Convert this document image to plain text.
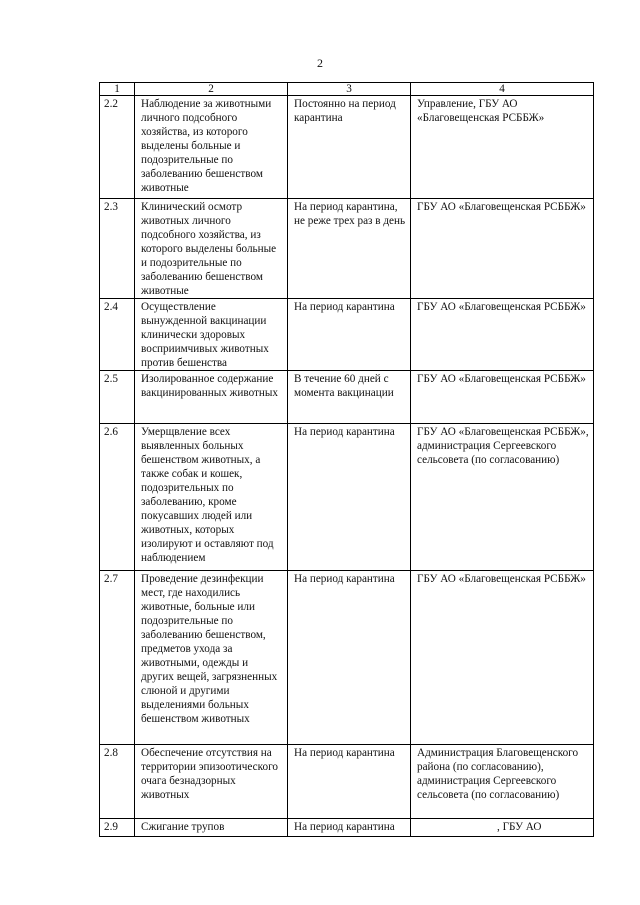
2
1	2	3	4
2.2	Наблюдение за животными личного подсобного хозяйства, из которого выделены больные и подозрительные по заболеванию бешенством животные	Постоянно на период карантина	Управление, ГБУ АО «Благовещенская РСББЖ»
2.3	Клинический осмотр животных личного подсобного хозяйства, из которого выделены больные и подозрительные по заболеванию бешенством животные	На период карантина, не реже трех раз в день	ГБУ АО «Благовещенская РСББЖ»
2.4	Осуществление вынужденной вакцинации клинически здоровых восприимчивых животных против бешенства	На период карантина	ГБУ АО «Благовещенская РСББЖ»
2.5	Изолированное содержание вакцинированных животных	В течение 60 дней с момента вакцинации	ГБУ АО «Благовещенская РСББЖ»
2.6	Умерщвление всех выявленных больных бешенством животных, а также собак и кошек, подозрительных по заболеванию, кроме покусавших людей или животных, которых изолируют и оставляют под наблюдением	На период карантина	ГБУ АО «Благовещенская РСББЖ», администрация Сергеевского сельсовета (по согласованию)
2.7	Проведение дезинфекции мест, где находились животные, больные или подозрительные по заболеванию бешенством, предметов ухода за животными, одежды и других вещей, загрязненных слюной и другими выделениями больных бешенством животных	На период карантина	ГБУ АО «Благовещенская РСББЖ»
2.8	Обеспечение отсутствия на территории эпизоотического очага безнадзорных животных	На период карантина	Администрация Благовещенского района (по согласованию), администрация Сергеевского сельсовета (по согласованию)
2.9	Сжигание трупов	На период карантина	, ГБУ АО
